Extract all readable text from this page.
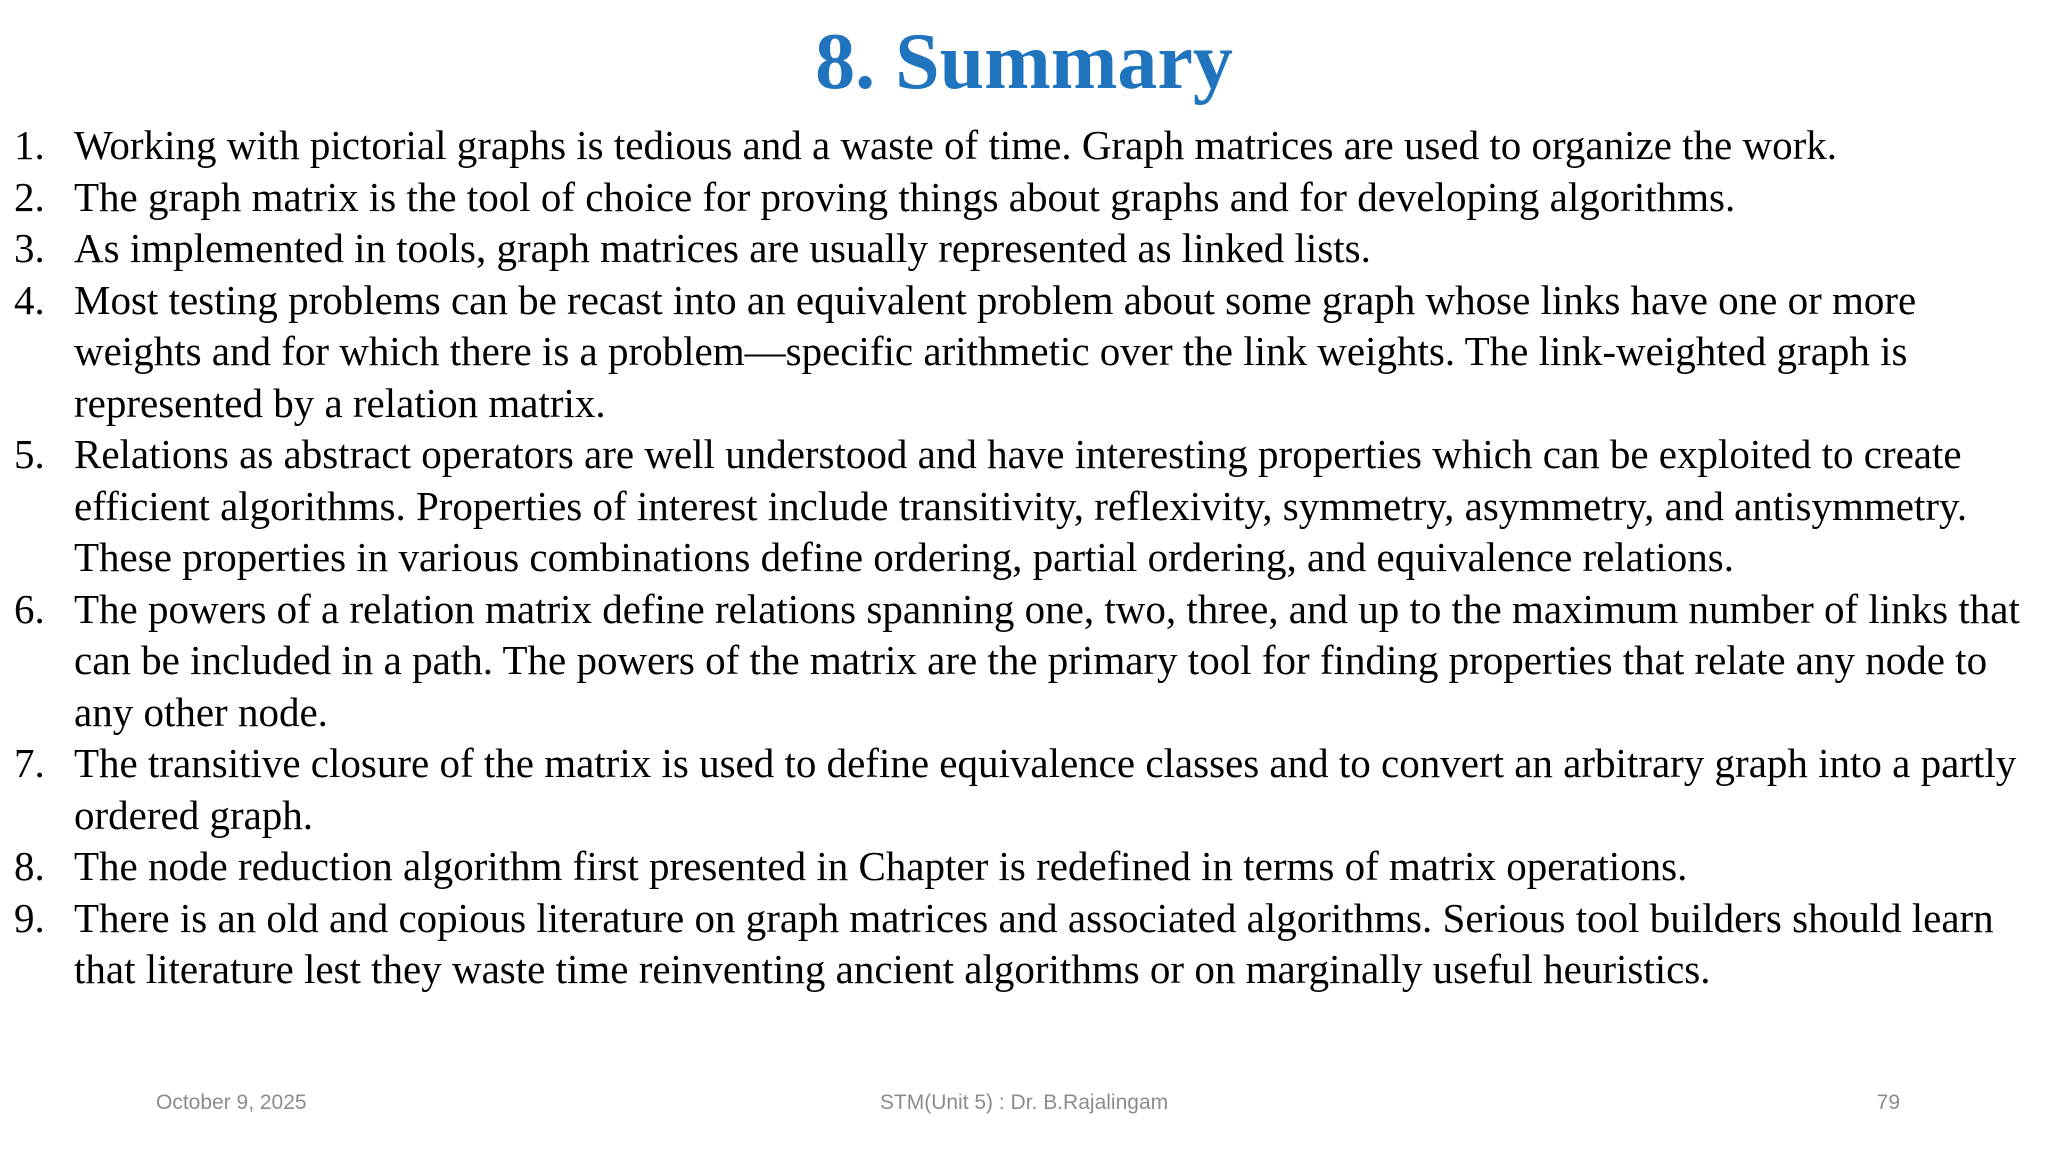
8. Summary
1. Working with pictorial graphs is tedious and a waste of time. Graph matrices are used to organize the work.
2. The graph matrix is the tool of choice for proving things about graphs and for developing algorithms.
3. As implemented in tools, graph matrices are usually represented as linked lists.
4. Most testing problems can be recast into an equivalent problem about some graph whose links have one or more weights and for which there is a problem—specific arithmetic over the link weights. The link-weighted graph is represented by a relation matrix.
5. Relations as abstract operators are well understood and have interesting properties which can be exploited to create efficient algorithms. Properties of interest include transitivity, reflexivity, symmetry, asymmetry, and antisymmetry. These properties in various combinations define ordering, partial ordering, and equivalence relations.
6. The powers of a relation matrix define relations spanning one, two, three, and up to the maximum number of links that can be included in a path. The powers of the matrix are the primary tool for finding properties that relate any node to any other node.
7. The transitive closure of the matrix is used to define equivalence classes and to convert an arbitrary graph into a partly ordered graph.
8. The node reduction algorithm first presented in Chapter is redefined in terms of matrix operations.
9. There is an old and copious literature on graph matrices and associated algorithms. Serious tool builders should learn that literature lest they waste time reinventing ancient algorithms or on marginally useful heuristics.
October 9, 2025	STM(Unit 5) : Dr. B.Rajalingam	79
